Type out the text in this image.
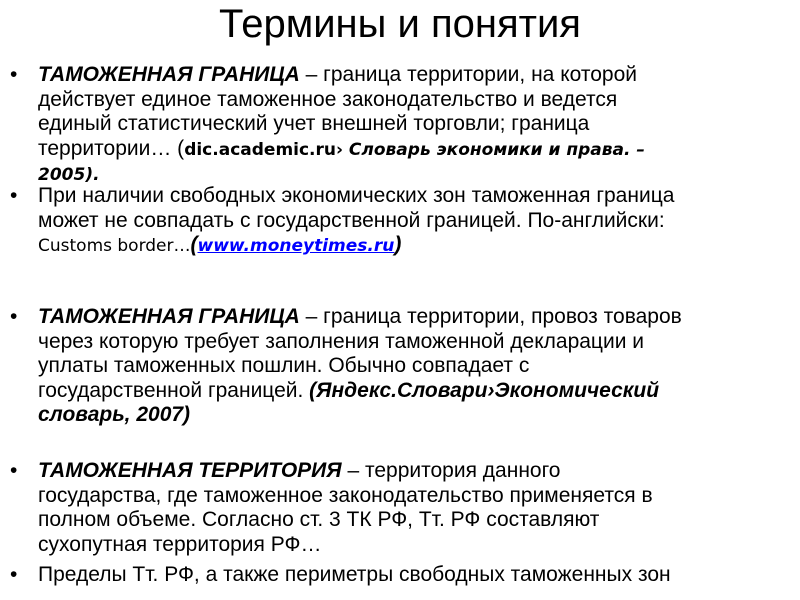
Термины и понятия
• ТАМОЖЕННАЯ ГРАНИЦА – граница территории, на которой
действует единое таможенное законодательство и ведется
единый статистический учет внешней торговли; граница
территории… (dic.academic.ru› Словарь экономики и права. –
2005).
• При наличии свободных экономических зон таможенная граница
может не совпадать с государственной границей. По-английски:
Customs border…(www.moneytimes.ru)
• ТАМОЖЕННАЯ ГРАНИЦА – граница территории, провоз товаров
через которую требует заполнения таможенной декларации и
уплаты таможенных пошлин. Обычно совпадает с
государственной границей. (Яндекс.Словари›Экономический
словарь, 2007)
• ТАМОЖЕННАЯ ТЕРРИТОРИЯ – территория данного
государства, где таможенное законодательство применяется в
полном объеме. Согласно ст. 3 ТК РФ, Тт. РФ составляют
сухопутная территория РФ…
• Пределы Тт. РФ, а также периметры свободных таможенных зон
